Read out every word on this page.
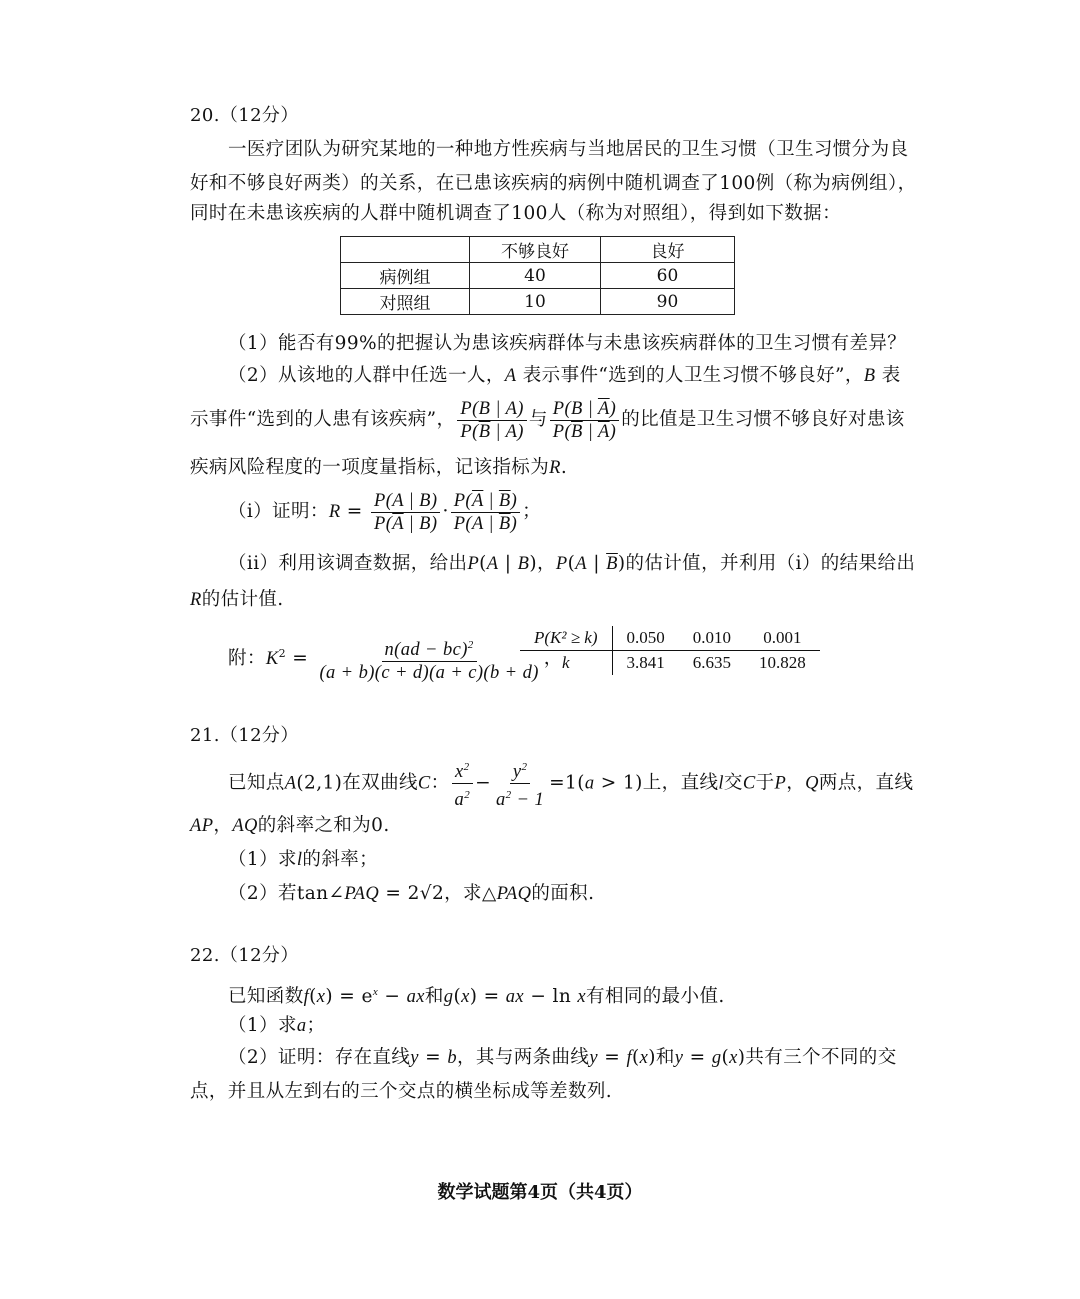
20.（12分）
一医疗团队为研究某地的一种地方性疾病与当地居民的卫生习惯（卫生习惯分为良
好和不够良好两类）的关系，在已患该疾病的病例中随机调查了100例（称为病例组），
同时在未患该疾病的人群中随机调查了100人（称为对照组），得到如下数据：
	不够良好	良好
病例组	40	60
对照组	10	90
（1）能否有99%的把握认为患该疾病群体与未患该疾病群体的卫生习惯有差异？
（2）从该地的人群中任选一人，A 表示事件“选到的人卫生习惯不够良好”，B 表
示事件“选到的人患有该疾病”， $\frac{P(B | A)}{P(\overline{B} | A)}$ 与 $\frac{P(B | \overline{A})}{P(\overline{B} | \overline{A})}$ 的比值是卫生习惯不够良好对患该
疾病风险程度的一项度量指标，记该指标为R.
（i）证明：$R = \frac{P(A | B)}{P(\overline{A} | B)} \cdot \frac{P(\overline{A} | \overline{B})}{P(A | \overline{B})}$ ；
（ii）利用该调查数据，给出P(A | B)，P(A | $\overline{B}$)的估计值，并利用（i）的结果给出
R的估计值.
附：$K^2 = \frac{n(ad - bc)^2}{(a + b)(c + d)(a + c)(b + d)}$ ，
P(K² ≥ k)	0.050	0.010	0.001
k	3.841	6.635	10.828
21.（12分）
已知点A(2,1)在双曲线C： $\frac{x^2}{a^2} - \frac{y^2}{a^2 - 1} =1(a > 1)$上，直线l交C于P，Q两点，直线
AP，AQ的斜率之和为0.
（1）求l的斜率；
（2）若tan∠PAQ = 2√2，求△PAQ的面积.
22.（12分）
已知函数$f(x) = e^x$ − ax和g(x) = ax − ln x有相同的最小值.
（1）求a；
（2）证明：存在直线y = b，其与两条曲线y = f(x)和y = g(x)共有三个不同的交
点，并且从左到右的三个交点的横坐标成等差数列.
数学试题第4页（共4页）
